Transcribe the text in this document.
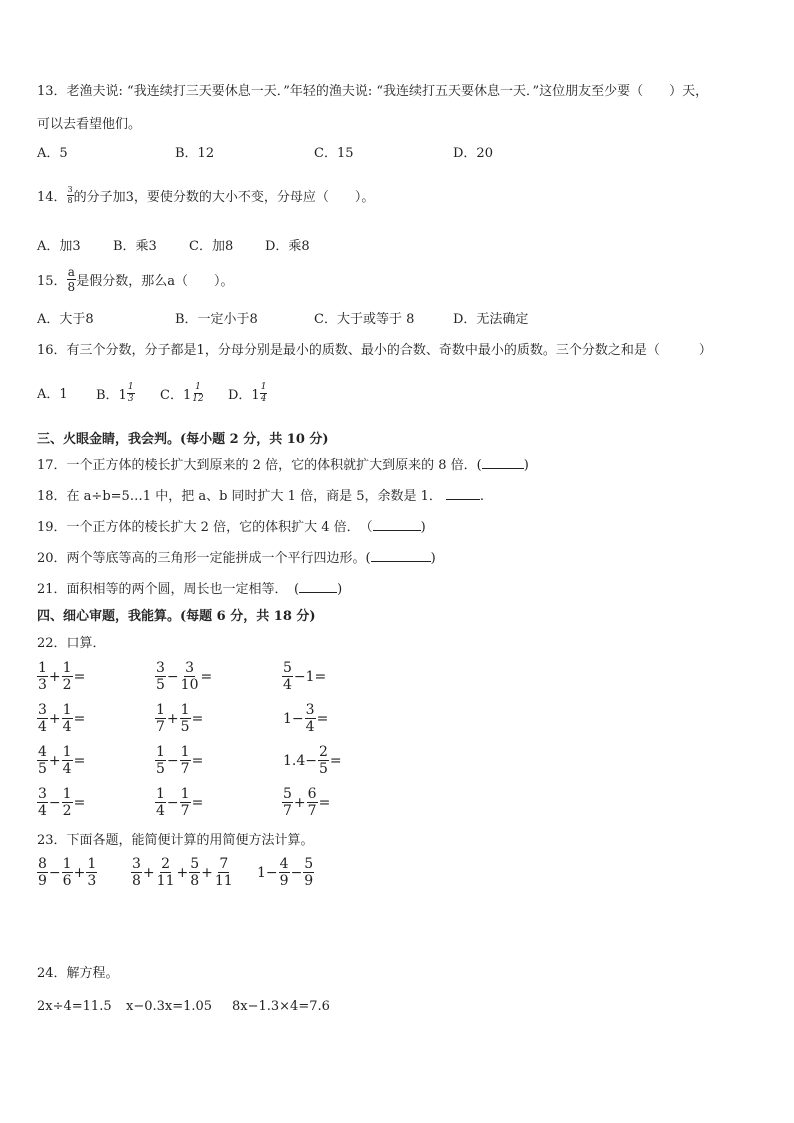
13．老渔夫说: “我连续打三天要休息一天．”年轻的渔夫说: “我连续打五天要休息一天．”这位朋友至少要（　　）天，
可以去看望他们。
A．5	B．12	C．15	D．20
14． $\frac{3}{8}$ 的分子加3，要使分数的大小不变，分母应（　　）。
A．加3 B．乘3 C．加8 D．乘8
15． $\frac{a}{8}$ 是假分数，那么a（　　）。
A．大于8	B．一定小于8	C．大于或等于 8	D．无法确定
16．有三个分数，分子都是1，分母分别是最小的质数、最小的合数、奇数中最小的质数。三个分数之和是（　　　）
A．1 B．$1 \frac{1}{3}$ C．$1 \frac{1}{12}$ D．$1 \frac{1}{4}$
三、火眼金睛，我会判。(每小题 2 分，共 10 分)
17．一个正方体的棱长扩大到原来的 2 倍，它的体积就扩大到原来的 8 倍．(	)
18．在 a÷b=5…1 中，把 a、b 同时扩大 1 倍，商是 5，余数是 1．	.
19．一个正方体的棱长扩大 2 倍，它的体积扩大 4 倍．　（	)
20．两个等底等高的三角形一定能拼成一个平行四边形。(	)
21．面积相等的两个圆，周长也一定相等．　(	)
四、细心审题，我能算。(每题 6 分，共 18 分)
22．口算．
$\frac{1}{3} + \frac{1}{2}$ =	$\frac{3}{5} - \frac{3}{10}$ =	$\frac{5}{4} -1=$
$\frac{3}{4} + \frac{1}{4}$ =	$\frac{1}{7} + \frac{1}{5}$ =	$1- \frac{3}{4}$ =
$\frac{4}{5} + \frac{1}{4}$ =	$\frac{1}{5} - \frac{1}{7}$ =	$1.4- \frac{2}{5}$ =
$\frac{3}{4} - \frac{1}{2}$ =	$\frac{1}{4} - \frac{1}{7}$ =	$\frac{5}{7} + \frac{6}{7}$ =
23．下面各题，能简便计算的用简便方法计算。
$\frac{8}{9} - \frac{1}{6} + \frac{1}{3} \frac{3}{8} + \frac{2}{11} + \frac{5}{8} + \frac{7}{11} 1- \frac{4}{9} - \frac{5}{9}$
24．解方程。
2x÷4=11.5 x−0.3x=1.05 8x−1.3×4=7.6
